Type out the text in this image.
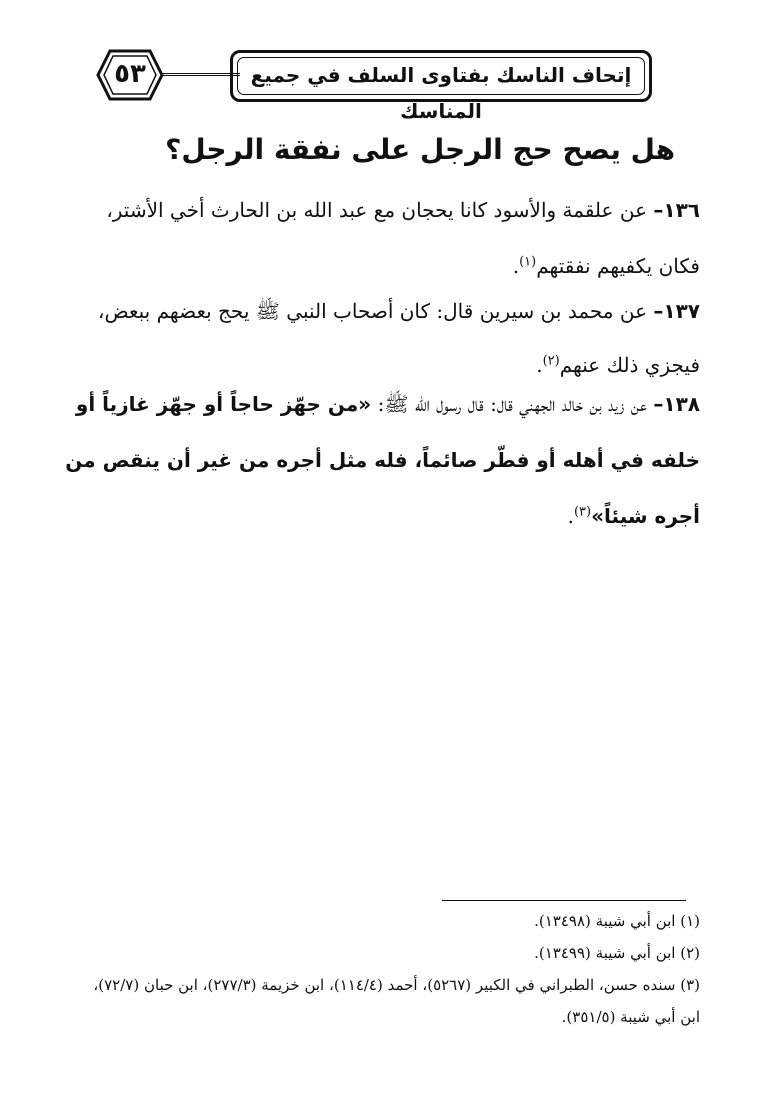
٥٣	إتحاف الناسك بفتاوى السلف في جميع المناسك
هل يصح حج الرجل على نفقة الرجل؟
١٣٦– عن علقمة والأسود كانا يحجان مع عبد الله بن الحارث أخي الأشتر، فكان يكفيهم نفقتهم$^{(١)}$.
١٣٧– عن محمد بن سيرين قال: كان أصحاب النبي ﷺ يحج بعضهم ببعض، فيجزي ذلك عنهم$^{(٢)}$.
١٣٨– عن زيد بن خالد الجهني قال: قال رسول الله ﷺ: «من جهّز حاجاً أو جهّز غازياً أو خلفه في أهله أو فطّر صائماً، فله مثل أجره من غير أن ينقص من أجره شيئاً»$^{(٣)}$.
(١) ابن أبي شيبة (١٣٤٩٨).
(٢) ابن أبي شيبة (١٣٤٩٩).
(٣) سنده حسن، الطبراني في الكبير (٥٢٦٧)، أحمد (١١٤/٤)، ابن خزيمة (٢٧٧/٣)، ابن حبان (٧٢/٧)، ابن أبي شيبة (٣٥١/٥).
